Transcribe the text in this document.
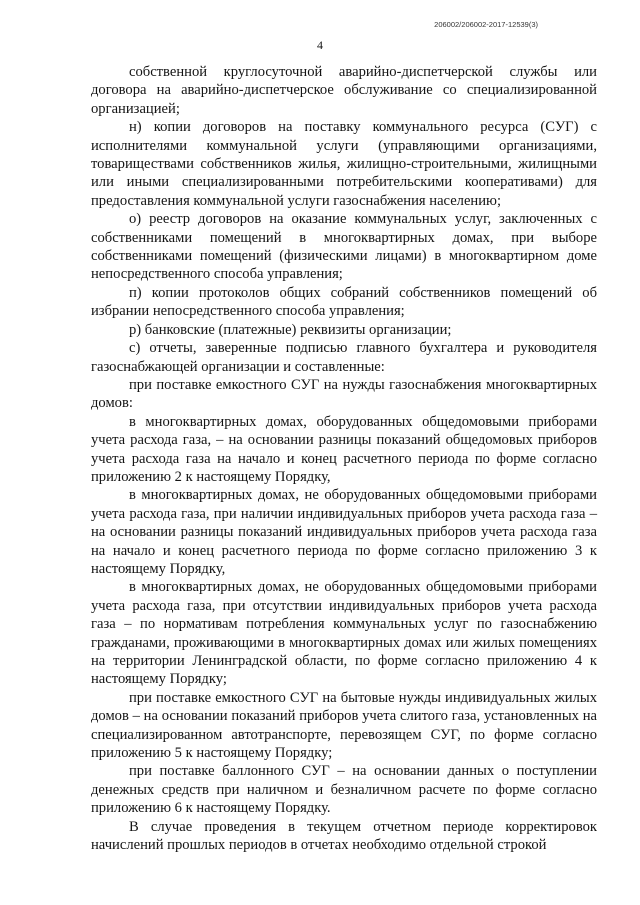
206002/206002-2017-12539(3)
4

собственной круглосуточной аварийно-диспетчерской службы или договора на аварийно-диспетчерское обслуживание со специализированной организацией;

н) копии договоров на поставку коммунального ресурса (СУГ) с исполнителями коммунальной услуги (управляющими организациями, товариществами собственников жилья, жилищно-строительными, жилищными или иными специализированными потребительскими кооперативами) для предоставления коммунальной услуги газоснабжения населению;

о) реестр договоров на оказание коммунальных услуг, заключенных с собственниками помещений в многоквартирных домах, при выборе собственниками помещений (физическими лицами) в многоквартирном доме непосредственного способа управления;

п) копии протоколов общих собраний собственников помещений об избрании непосредственного способа управления;

р) банковские (платежные) реквизиты организации;

с) отчеты, заверенные подписью главного бухгалтера и руководителя газоснабжающей организации и составленные:

при поставке емкостного СУГ на нужды газоснабжения многоквартирных домов:

в многоквартирных домах, оборудованных общедомовыми приборами учета расхода газа, – на основании разницы показаний общедомовых приборов учета расхода газа на начало и конец расчетного периода по форме согласно приложению 2 к настоящему Порядку,

в многоквартирных домах, не оборудованных общедомовыми приборами учета расхода газа, при наличии индивидуальных приборов учета расхода газа – на основании разницы показаний индивидуальных приборов учета расхода газа на начало и конец расчетного периода по форме согласно приложению 3 к настоящему Порядку,

в многоквартирных домах, не оборудованных общедомовыми приборами учета расхода газа, при отсутствии индивидуальных приборов учета расхода газа – по нормативам потребления коммунальных услуг по газоснабжению гражданами, проживающими в многоквартирных домах или жилых помещениях на территории Ленинградской области, по форме согласно приложению 4 к настоящему Порядку;

при поставке емкостного СУГ на бытовые нужды индивидуальных жилых домов – на основании показаний приборов учета слитого газа, установленных на специализированном автотранспорте, перевозящем СУГ, по форме согласно приложению 5 к настоящему Порядку;

при поставке баллонного СУГ – на основании данных о поступлении денежных средств при наличном и безналичном расчете по форме согласно приложению 6 к настоящему Порядку.

В случае проведения в текущем отчетном периоде корректировок начислений прошлых периодов в отчетах необходимо отдельной строкой
